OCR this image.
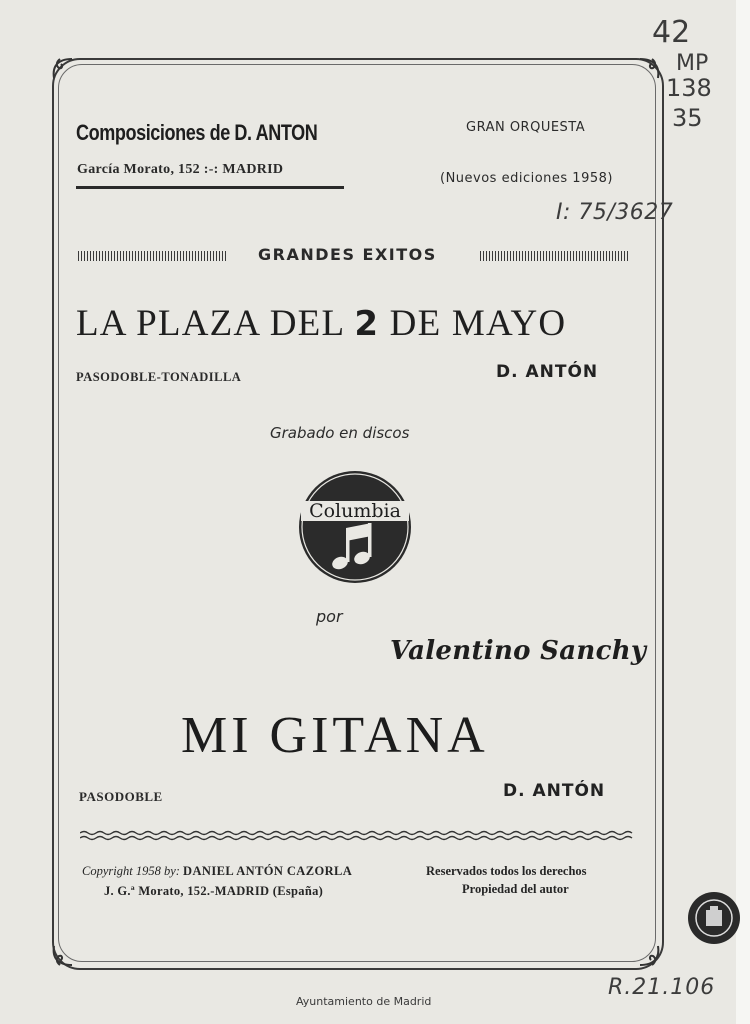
Composiciones de D. ANTON
García Morato, 152 :-: MADRID
GRAN ORQUESTA
(Nuevos ediciones 1958)
GRANDES EXITOS
LA PLAZA DEL 2 DE MAYO
PASODOBLE-TONADILLA	D. ANTÓN
Grabado en discos
Columbia
por
Valentino Sanchy
MI GITANA
PASODOBLE	D. ANTÓN
Copyright 1958 by: DANIEL ANTÓN CAZORLA
J. G.ª Morato, 152.-MADRID (España)
Reservados todos los derechos
Propiedad del autor
42
MP
138
35
I: 75/3627
R.21.106
Ayuntamiento de Madrid
